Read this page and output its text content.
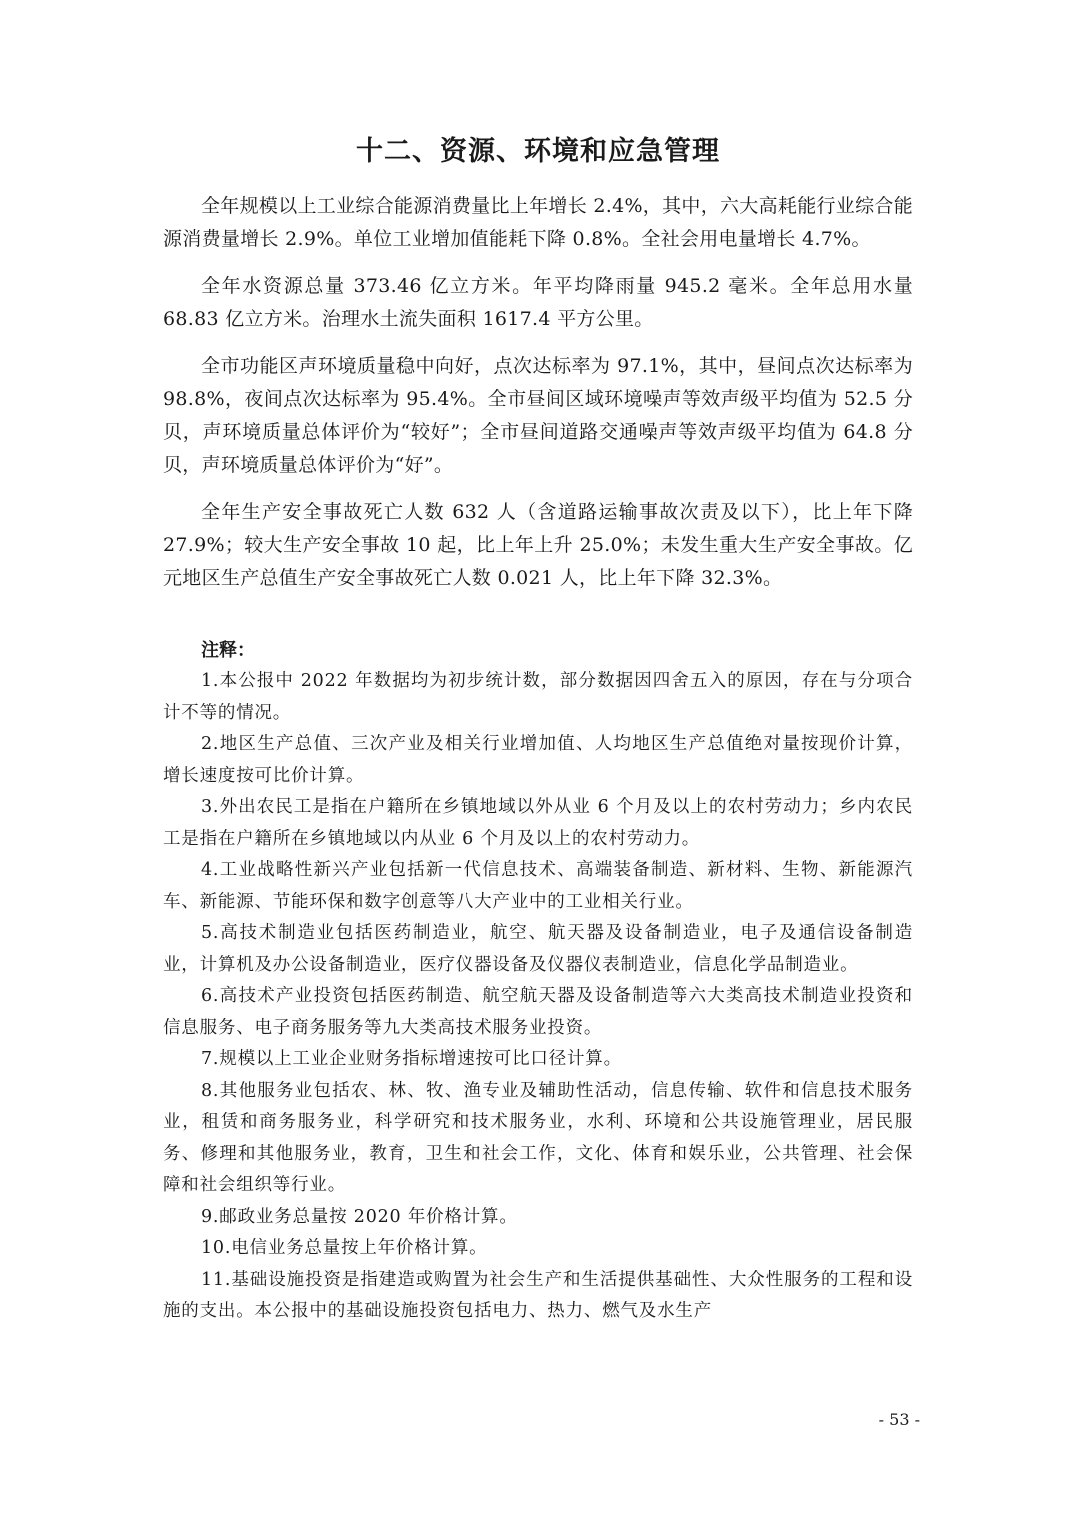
十二、资源、环境和应急管理

全年规模以上工业综合能源消费量比上年增长 2.4%，其中，六大高耗能行业综合能源消费量增长 2.9%。单位工业增加值能耗下降 0.8%。全社会用电量增长 4.7%。

全年水资源总量 373.46 亿立方米。年平均降雨量 945.2 毫米。全年总用水量 68.83 亿立方米。治理水土流失面积 1617.4 平方公里。

全市功能区声环境质量稳中向好，点次达标率为 97.1%，其中，昼间点次达标率为 98.8%，夜间点次达标率为 95.4%。全市昼间区域环境噪声等效声级平均值为 52.5 分贝，声环境质量总体评价为“较好”；全市昼间道路交通噪声等效声级平均值为 64.8 分贝，声环境质量总体评价为“好”。

全年生产安全事故死亡人数 632 人（含道路运输事故次责及以下），比上年下降 27.9%；较大生产安全事故 10 起，比上年上升 25.0%；未发生重大生产安全事故。亿元地区生产总值生产安全事故死亡人数 0.021 人，比上年下降 32.3%。

注释：

1.本公报中 2022 年数据均为初步统计数，部分数据因四舍五入的原因，存在与分项合计不等的情况。

2.地区生产总值、三次产业及相关行业增加值、人均地区生产总值绝对量按现价计算，增长速度按可比价计算。

3.外出农民工是指在户籍所在乡镇地域以外从业 6 个月及以上的农村劳动力；乡内农民工是指在户籍所在乡镇地域以内从业 6 个月及以上的农村劳动力。

4.工业战略性新兴产业包括新一代信息技术、高端装备制造、新材料、生物、新能源汽车、新能源、节能环保和数字创意等八大产业中的工业相关行业。

5.高技术制造业包括医药制造业，航空、航天器及设备制造业，电子及通信设备制造业，计算机及办公设备制造业，医疗仪器设备及仪器仪表制造业，信息化学品制造业。

6.高技术产业投资包括医药制造、航空航天器及设备制造等六大类高技术制造业投资和信息服务、电子商务服务等九大类高技术服务业投资。

7.规模以上工业企业财务指标增速按可比口径计算。

8.其他服务业包括农、林、牧、渔专业及辅助性活动，信息传输、软件和信息技术服务业，租赁和商务服务业，科学研究和技术服务业，水利、环境和公共设施管理业，居民服务、修理和其他服务业，教育，卫生和社会工作，文化、体育和娱乐业，公共管理、社会保障和社会组织等行业。

9.邮政业务总量按 2020 年价格计算。

10.电信业务总量按上年价格计算。

11.基础设施投资是指建造或购置为社会生产和生活提供基础性、大众性服务的工程和设施的支出。本公报中的基础设施投资包括电力、热力、燃气及水生产

- 53 -
